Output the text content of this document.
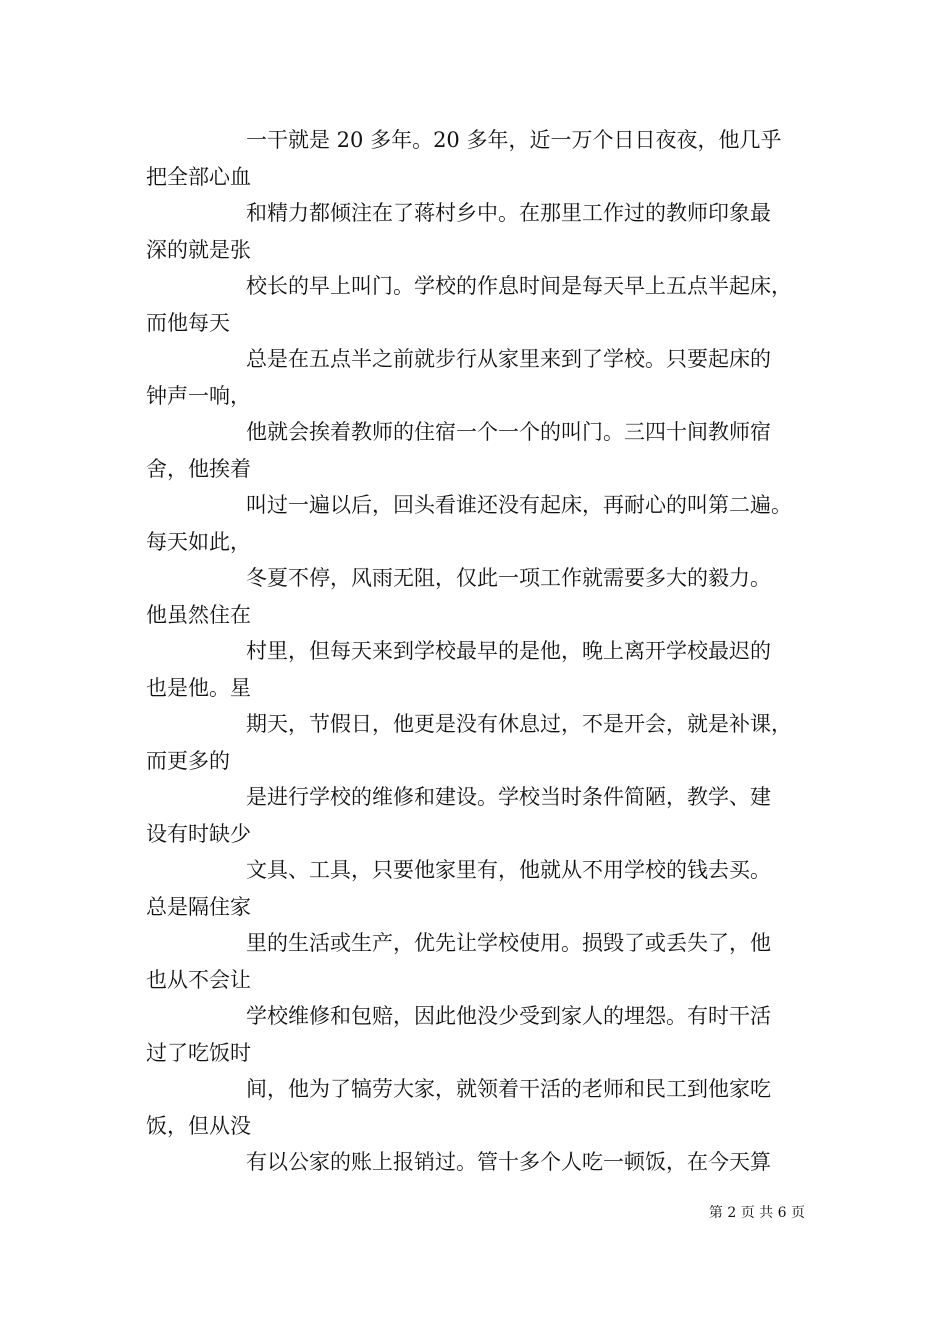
一干就是 20 多年。20 多年，近一万个日日夜夜，他几乎
把全部心血

和精力都倾注在了蒋村乡中。在那里工作过的教师印象最
深的就是张

校长的早上叫门。学校的作息时间是每天早上五点半起床，
而他每天

总是在五点半之前就步行从家里来到了学校。只要起床的
钟声一响，

他就会挨着教师的住宿一个一个的叫门。三四十间教师宿
舍，他挨着

叫过一遍以后，回头看谁还没有起床，再耐心的叫第二遍。
每天如此，

冬夏不停，风雨无阻，仅此一项工作就需要多大的毅力。
他虽然住在

村里，但每天来到学校最早的是他，晚上离开学校最迟的
也是他。星

期天，节假日，他更是没有休息过，不是开会，就是补课，
而更多的

是进行学校的维修和建设。学校当时条件简陋，教学、建
设有时缺少

文具、工具，只要他家里有，他就从不用学校的钱去买。
总是隔住家

里的生活或生产，优先让学校使用。损毁了或丢失了，他
也从不会让

学校维修和包赔，因此他没少受到家人的埋怨。有时干活
过了吃饭时

间，他为了犒劳大家，就领着干活的老师和民工到他家吃
饭，但从没

有以公家的账上报销过。管十多个人吃一顿饭，在今天算

第 2 页 共 6 页
